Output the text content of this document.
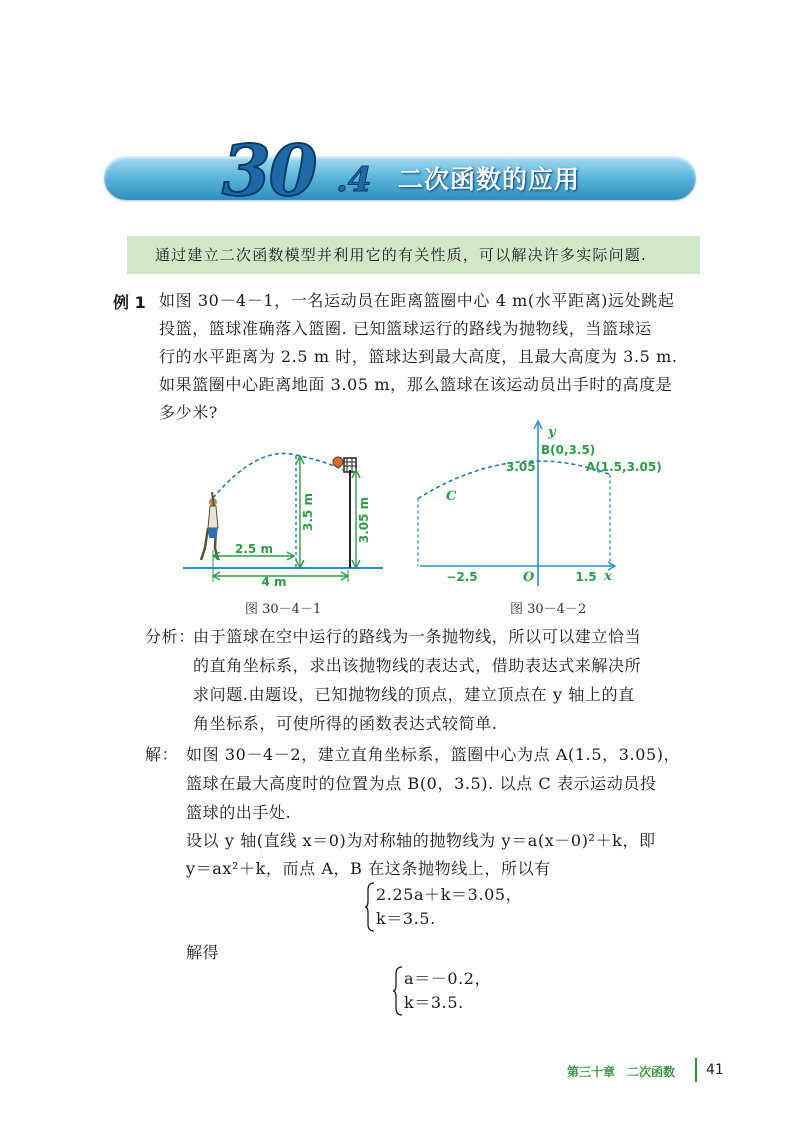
30 .4 二次函数的应用
通过建立二次函数模型并利用它的有关性质，可以解决许多实际问题.
例 1 如图 30－4－1，一名运动员在距离篮圈中心 4 m(水平距离)远处跳起
投篮，篮球准确落入篮圈. 已知篮球运行的路线为抛物线，当篮球运
行的水平距离为 2.5 m 时，篮球达到最大高度，且最大高度为 3.5 m.
如果篮圈中心距离地面 3.05 m，那么篮球在该运动员出手时的高度是
多少米?
3.5 m	3.05 m
2.5 m
4 m
图 30－4－1
y
x
O
B(0,3.5)
3.05	A(1.5,3.05)
C
−2.5	1.5
图 30－4－2
分析：
由于篮球在空中运行的路线为一条抛物线，所以可以建立恰当
的直角坐标系，求出该抛物线的表达式，借助表达式来解决所
求问题.由题设，已知抛物线的顶点，建立顶点在 y 轴上的直
角坐标系，可使所得的函数表达式较简单.
解： 如图 30－4－2，建立直角坐标系，篮圈中心为点 A(1.5，3.05)，
篮球在最大高度时的位置为点 B(0，3.5). 以点 C 表示运动员投
篮球的出手处.
设以 y 轴(直线 x＝0)为对称轴的抛物线为 y＝a(x－0)²＋k，即
y＝ax²＋k，而点 A，B 在这条抛物线上，所以有
2.25a＋k＝3.05，
k＝3.5.
解得
a＝－0.2，
k＝3.5.
第三十章　二次函数 41
